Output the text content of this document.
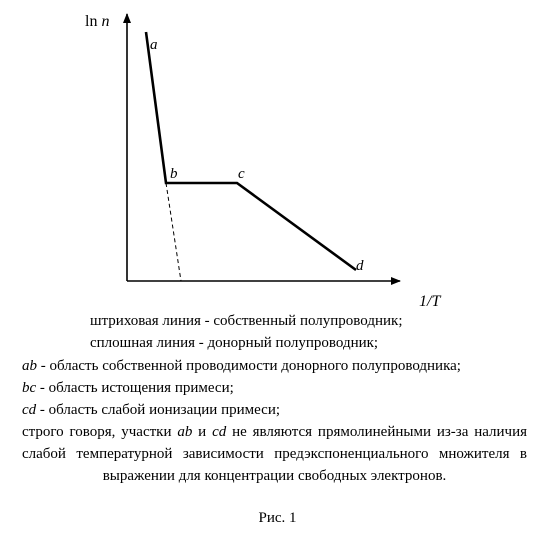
ln n
1/T
a
b	c
d
штриховая линия - собственный полупроводник;
сплошная линия - донорный полупроводник;

ab - область собственной проводимости донорного полупроводника;

bc - область истощения примеси;

cd - область слабой ионизации примеси;

строго говоря, участки ab и cd не являются прямолинейными из-за наличия слабой температурной зависимости предэкспоненциального множителя в выражении для концентрации свободных электронов.

Рис. 1
